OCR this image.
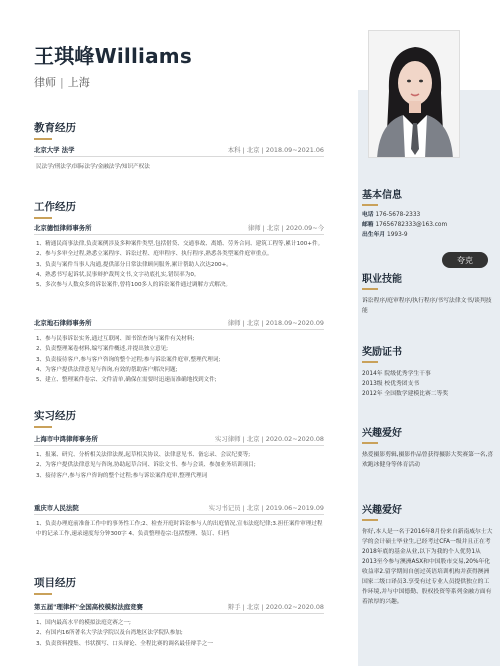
王琪峰Williams
律师 | 上海
教育经历
北京大学 法学	本科 | 北京 | 2018.09~2021.06
民法学/刑法学/国际法学/金融法学/知识产权法
工作经历
北京德恒律师事务所	律师 | 北京 | 2020.09~今
1、精通民商事法律,负责案例涉及多种案件类型,包括借贷、交通事故、离婚、劳务合同、建筑工程等,累计100+件。
2、参与多审全过程,熟悉立案程序、诉讼过程、庭审程序、执行程序,熟悉各类型案件庭审重点。
3、负责与案件当事人沟通,提供部分日常法律顾问服务,累计帮助人次达200+。
4、熟悉书写起诉状,民事辩护裁判文书,文字功底扎实,错误率为0。
5、多次参与人数众多的诉讼案件,曾将100多人的诉讼案件通过调解方式解决。
北京地石律师事务所	律师 | 北京 | 2018.09~2020.09
1、参与民事诉讼实务,通过互联网、图书馆查询与案件有关材料;
2、负责整理案卷材料,编写案件概述,并提出独立意见;
3、负责接待客户,参与客户咨询的整个过程;参与诉讼案件庭审,整理代理词;
4、为客户提供法律意见与咨询,有效的帮助客户解决问题;
5、建立、整理案件卷宗、文件清单,确保在需要时迅速而准确地找到文件;
实习经历
上海市中鸿律师事务所	实习律师 | 北京 | 2020.02~2020.08
1、报案、研究、分析相关法律法规,起草相关协议、法律意见书、备忘录、会议纪要等;
2、为客户提供法律意见与咨询,协助起草合同、诉讼文书、参与会谈、参加业务培训项目;
3、接待客户,参与客户咨询的整个过程;参与诉讼案件庭审,整理代理词
重庆市人民法院	实习书记员 | 北京 | 2019.06~2019.09
1、负责办理庭前准备工作中的事务性工作;2、检查开庭时诉讼参与人的出庭情况,宣布法庭纪律;3.担任案件审理过程中的记录工作,速录速度每分钟300字 4、负责整理卷宗:包括整理、装订、归档
项目经历
第五届"理律杯"全国高校模拟法庭竞赛	辩手 | 北京 | 2020.02~2020.08
1、国内最高水平的模拟法庭竞赛之一;
2、有国内16所著名大学法学院以及台湾地区法学院队参加;
3、负责资料搜集、书状撰写、口头辩论、全程比赛的调名最佳辩手之一
基本信息
电话 176-5678-2333
邮箱 17656782333@163.com
出生年月 1993-9
职业技能
夸克
诉讼程序/庭审程序/执行程序/书写法律文书/谈判技能
奖励证书
2014年 院级优秀学生干事
2013级 校优秀团支书
2012年 全国数学建模比赛二等奖
兴趣爱好
热爱摄影剪辑,摄影作品曾获得摄影大奖赛第一名,喜欢跑冰健身等体育活动
兴趣爱好
你好,本人是一名于2016年8月份来自新南威尔士大学的会计硕士毕业生,已经考过CFA一级并且正在考2018年底的基金从业,以下为我的个人优势1从2013至今参与澳洲ASX和中国股市交易,20%年化收益率2.留学期间自创过英语培训机构并获得澳洲国家二级口译员3.享受有过专业人员提供独立的工作环境,并与中国德勤、股权投资等系列金融方面有着浓厚的兴趣。
